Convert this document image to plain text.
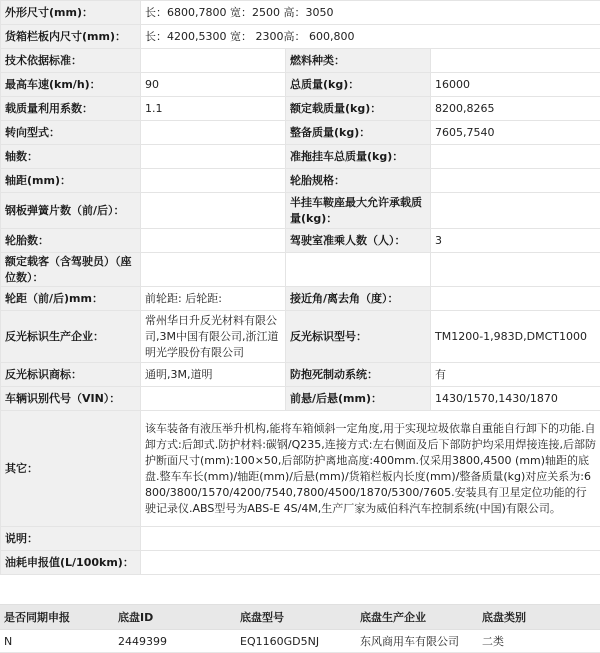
外形尺寸(mm)：	长：6800,7800 宽：2500 高：3050		
货箱栏板内尺寸(mm)：	长：4200,5300 宽： 2300高： 600,800		
技术依据标准：		燃料种类：	
最高车速(km/h)：	90	总质量(kg)：	16000
载质量利用系数：	1.1	额定载质量(kg)：	8200,8265
转向型式：		整备质量(kg)：	7605,7540
轴数：		准拖挂车总质量(kg)：	
轴距(mm)：		轮胎规格：	
钢板弹簧片数（前/后）：		半挂车鞍座最大允许承载质量(kg)：	
轮胎数：		驾驶室准乘人数（人）：	3
额定载客（含驾驶员）（座位数）：			
轮距（前/后)mm：	前轮距: 后轮距:	接近角/离去角（度）：	
反光标识生产企业：	常州华日升反光材料有限公司,3M中国有限公司,浙江道明光学股份有限公司	反光标识型号：	TM1200-1,983D,DMCT1000
反光标识商标：	通明,3M,道明	防抱死制动系统：	有
车辆识别代号（VIN）：		前悬/后悬(mm)：	1430/1570,1430/1870
其它：	该车装备有液压举升机构,能将车箱倾斜一定角度,用于实现垃圾依靠自重能自行卸下的功能.自卸方式:后卸式.防护材料:碳钢/Q235,连接方式:左右侧面及后下部防护均采用焊接连接,后部防护断面尺寸(mm):100×50,后部防护离地高度:400mm.仅采用3800,4500 (mm)轴距的底盘.整车车长(mm)/轴距(mm)/后悬(mm)/货箱栏板内长度(mm)/整备质量(kg)对应关系为:6800/3800/1570/4200/7540,7800/4500/1870/5300/7605.安装具有卫星定位功能的行驶记录仪.ABS型号为ABS-E 4S/4M,生产厂家为威伯科汽车控制系统(中国)有限公司。		
说明：			
油耗申报值(L/100km)：			
是否同期申报	底盘ID	底盘型号	底盘生产企业	底盘类别
N	2449399	EQ1160GD5NJ	东风商用车有限公司	二类
